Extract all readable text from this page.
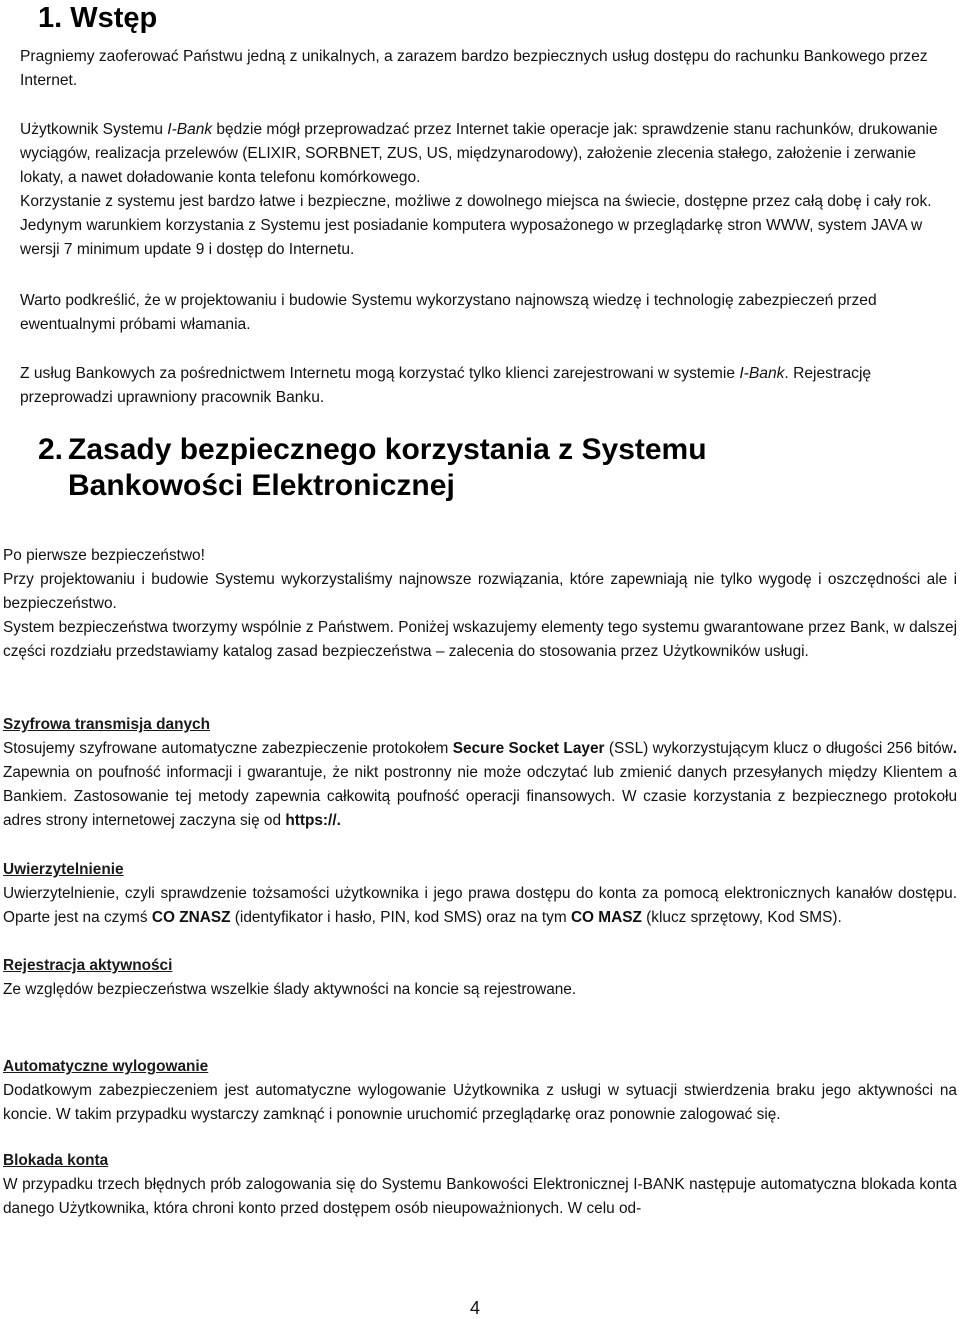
1. Wstęp

Pragniemy zaoferować Państwu jedną z unikalnych, a zarazem bardzo bezpiecznych usług dostępu do rachunku Bankowego przez Internet.

Użytkownik Systemu I-Bank będzie mógł przeprowadzać przez Internet takie operacje jak: sprawdzenie stanu rachunków, drukowanie wyciągów, realizacja przelewów (ELIXIR, SORBNET, ZUS, US, międzynarodowy), założenie zlecenia stałego, założenie i zerwanie lokaty, a nawet doładowanie konta telefonu komórkowego.

Korzystanie z systemu jest bardzo łatwe i bezpieczne, możliwe z dowolnego miejsca na świecie, dostępne przez całą dobę i cały rok. Jedynym warunkiem korzystania z Systemu jest posiadanie komputera wyposażonego w przeglądarkę stron WWW, system JAVA w wersji 7 minimum update 9 i dostęp do Internetu.

Warto podkreślić, że w projektowaniu i budowie Systemu wykorzystano najnowszą wiedzę i technologię zabezpieczeń przed ewentualnymi próbami włamania.

Z usług Bankowych za pośrednictwem Internetu mogą korzystać tylko klienci zarejestrowani w systemie I-Bank. Rejestrację przeprowadzi uprawniony pracownik Banku.

2. Zasady bezpiecznego korzystania z Systemu
Bankowości Elektronicznej

Po pierwsze bezpieczeństwo!

Przy projektowaniu i budowie Systemu wykorzystaliśmy najnowsze rozwiązania, które zapewniają nie tylko wygodę i oszczędności ale i bezpieczeństwo.

System bezpieczeństwa tworzymy wspólnie z Państwem. Poniżej wskazujemy elementy tego systemu gwarantowane przez Bank, w dalszej części rozdziału przedstawiamy katalog zasad bezpieczeństwa – zalecenia do stosowania przez Użytkowników usługi.

Szyfrowa transmisja danych

Stosujemy szyfrowane automatyczne zabezpieczenie protokołem Secure Socket Layer (SSL) wykorzystującym klucz o długości 256 bitów. Zapewnia on poufność informacji i gwarantuje, że nikt postronny nie może odczytać lub zmienić danych przesyłanych między Klientem a Bankiem. Zastosowanie tej metody zapewnia całkowitą poufność operacji finansowych. W czasie korzystania z bezpiecznego protokołu adres strony internetowej zaczyna się od https://.

Uwierzytelnienie

Uwierzytelnienie, czyli sprawdzenie tożsamości użytkownika i jego prawa dostępu do konta za pomocą elektronicznych kanałów dostępu. Oparte jest na czymś CO ZNASZ (identyfikator i hasło, PIN, kod SMS) oraz na tym CO MASZ (klucz sprzętowy, Kod SMS).

Rejestracja aktywności

Ze względów bezpieczeństwa wszelkie ślady aktywności na koncie są rejestrowane.

Automatyczne wylogowanie

Dodatkowym zabezpieczeniem jest automatyczne wylogowanie Użytkownika z usługi w sytuacji stwierdzenia braku jego aktywności na koncie. W takim przypadku wystarczy zamknąć i ponownie uruchomić przeglądarkę oraz ponownie zalogować się.

Blokada konta

W przypadku trzech błędnych prób zalogowania się do Systemu Bankowości Elektronicznej I-BANK następuje automatyczna blokada konta danego Użytkownika, która chroni konto przed dostępem osób nieupoważnionych. W celu od-

4
